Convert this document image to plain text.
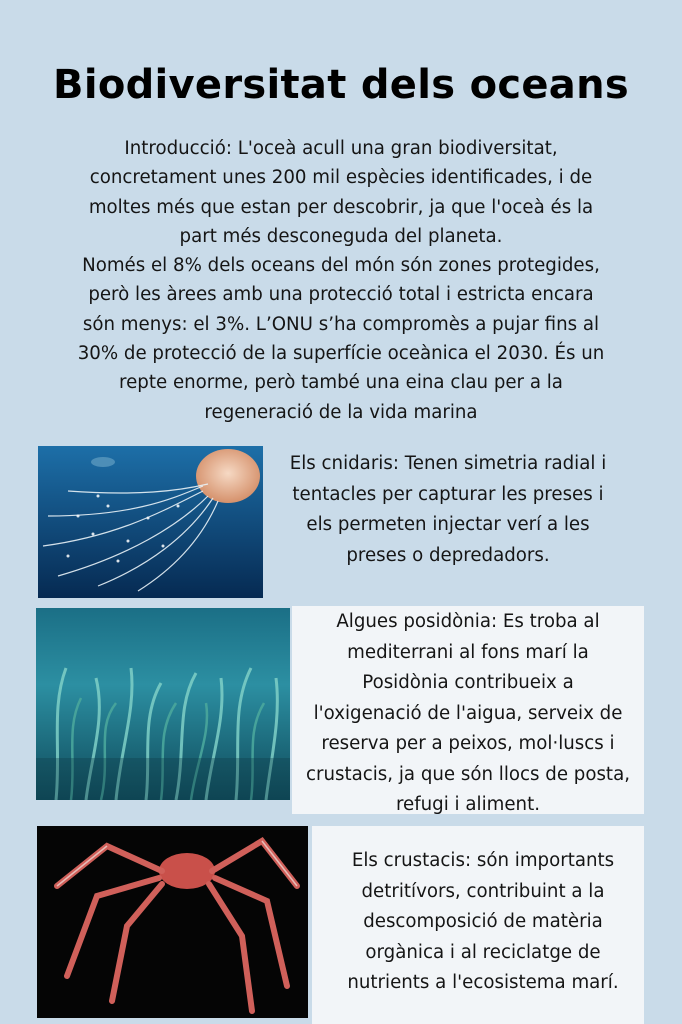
Biodiversitat dels oceans
Introducció: L'oceà acull una gran biodiversitat,
concretament unes 200 mil espècies identificades, i de
moltes més que estan per descobrir, ja que l'oceà és la
part més desconeguda del planeta.
Només el 8% dels oceans del món són zones protegides,
però les àrees amb una protecció total i estricta encara
són menys: el 3%. L’ONU s’ha compromès a pujar fins al
30% de protecció de la superfície oceànica el 2030. És un
repte enorme, però també una eina clau per a la
regeneració de la vida marina
Els cnidaris: Tenen simetria radial i
tentacles per capturar les preses i
els permeten injectar verí a les
preses o depredadors.
Algues posidònia: Es troba al
mediterrani al fons marí la
Posidònia contribueix a
l'oxigenació de l'aigua, serveix de
reserva per a peixos, mol·luscs i
crustacis, ja que són llocs de posta,
refugi i aliment.
Els crustacis: són importants
detritívors, contribuint a la
descomposició de matèria
orgànica i al reciclatge de
nutrients a l'ecosistema marí.
